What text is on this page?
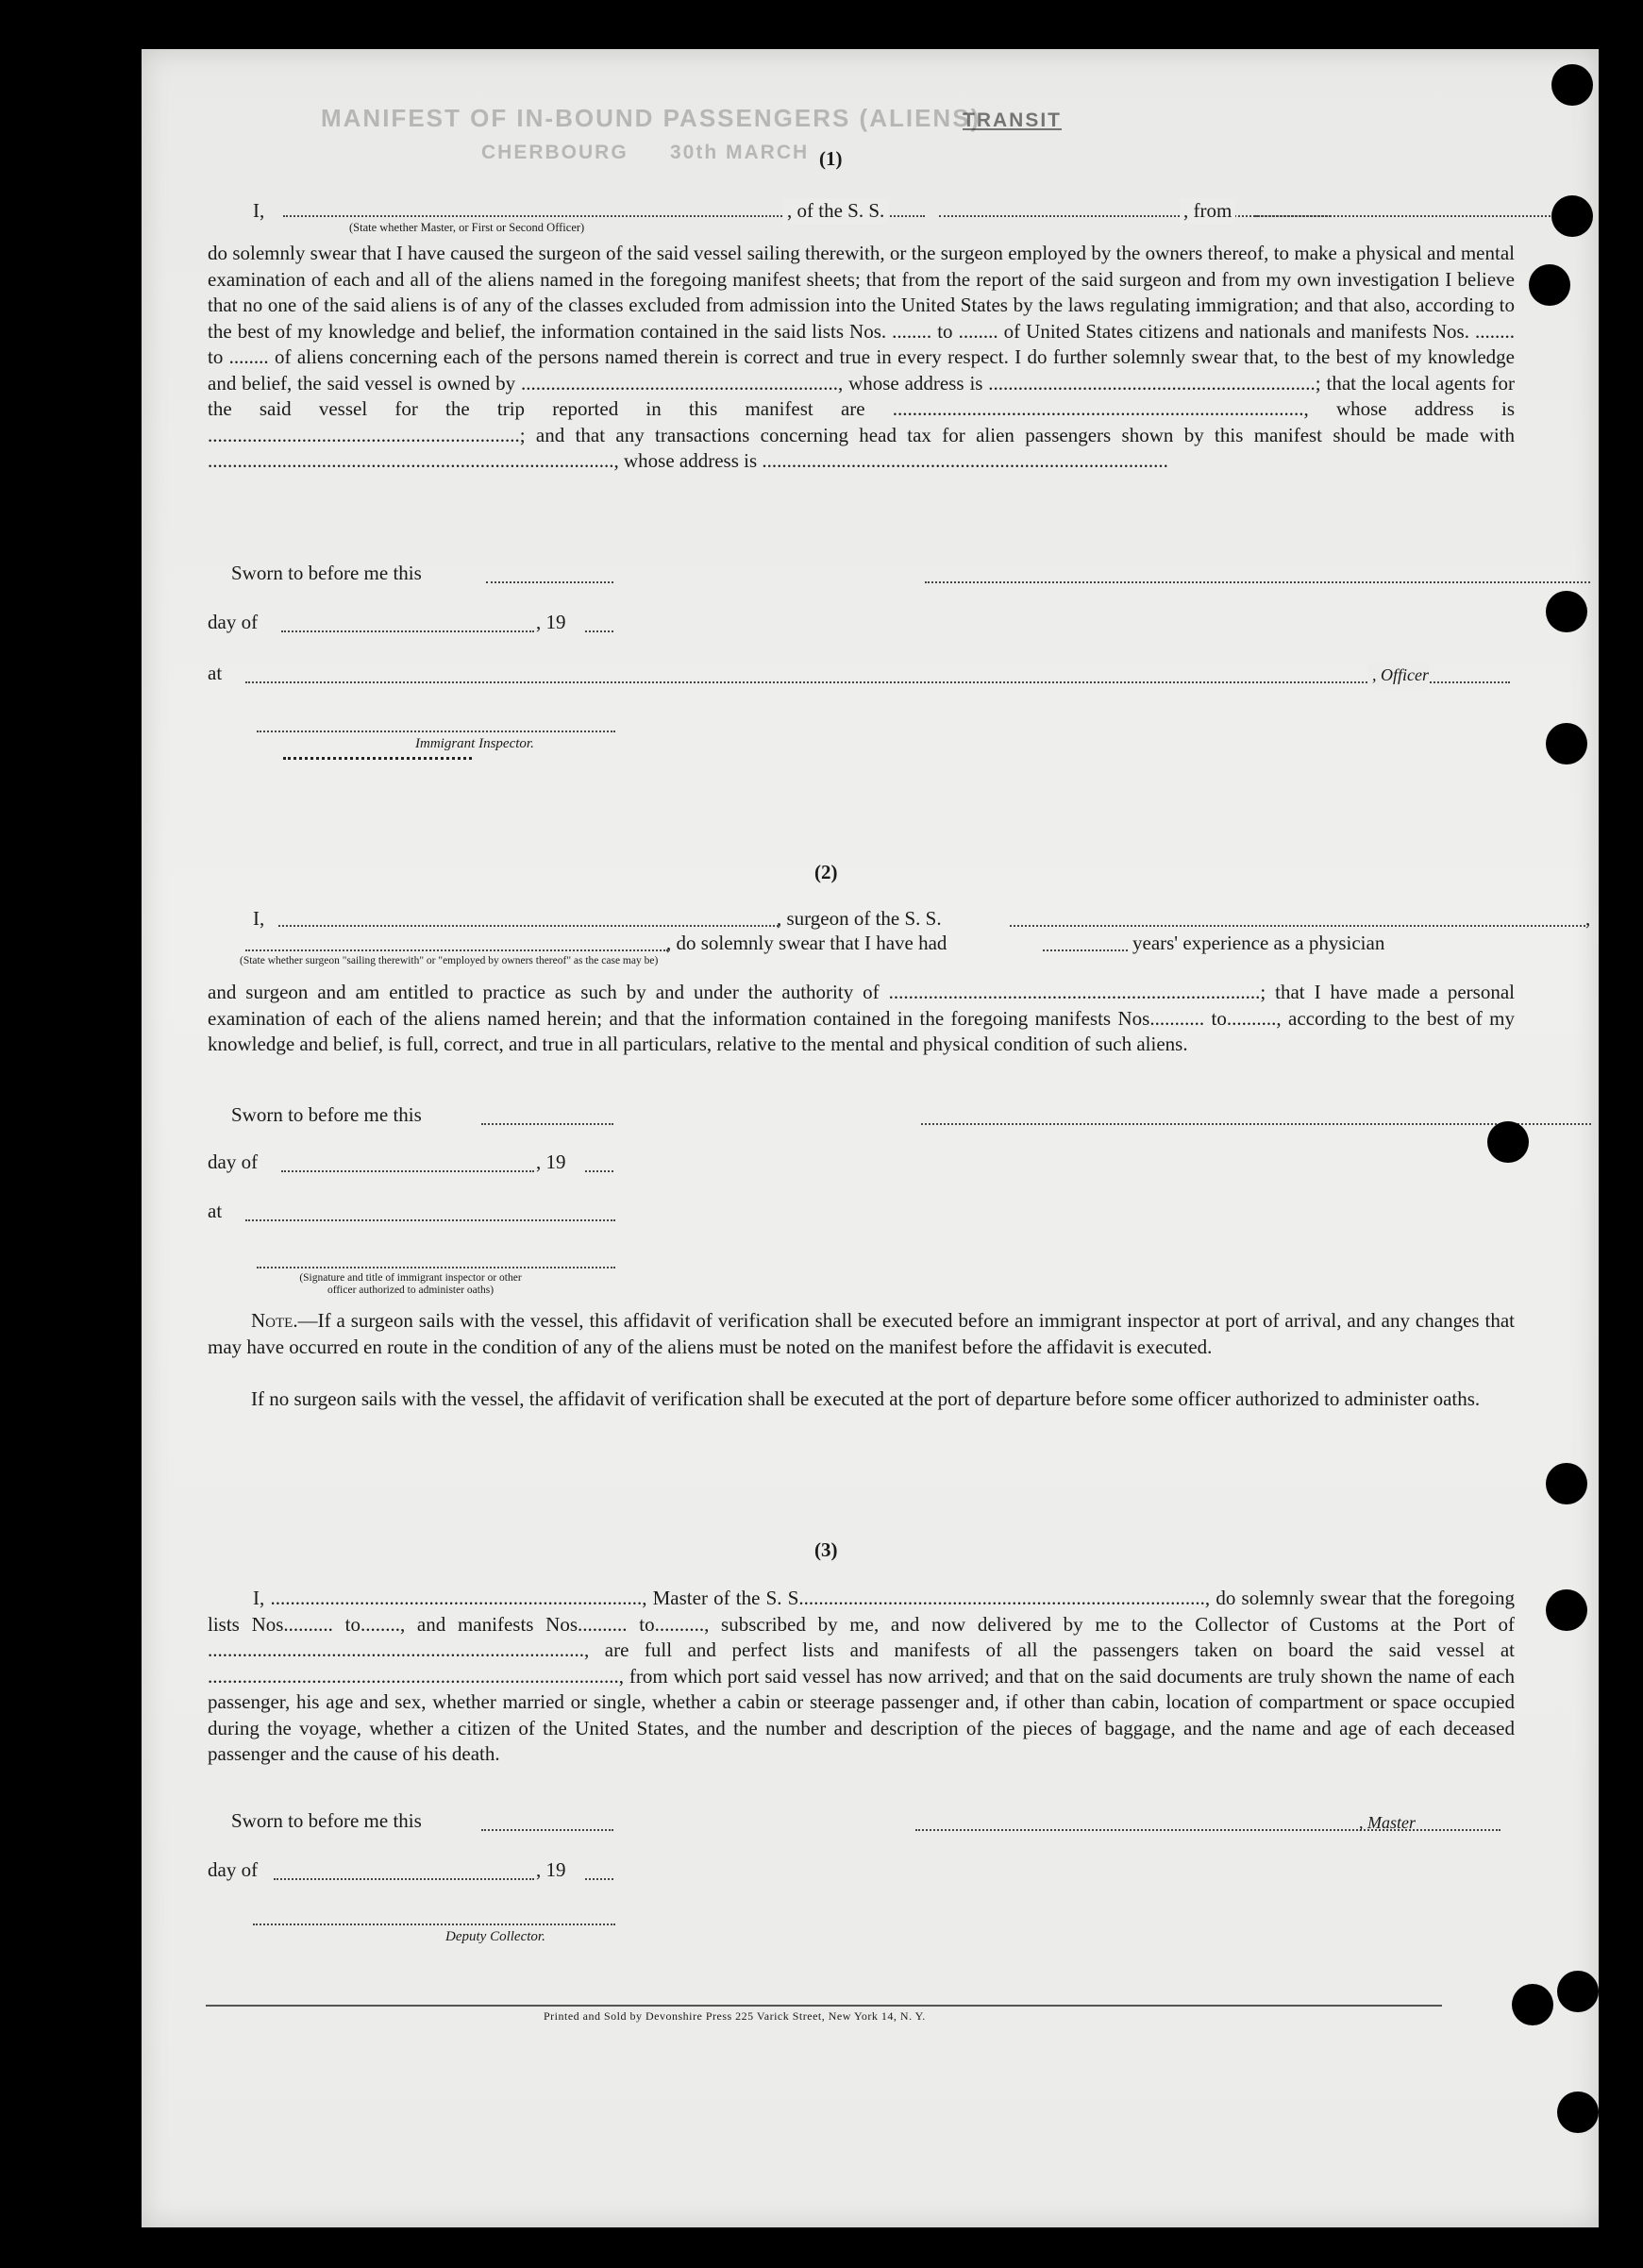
MANIFEST OF IN-BOUND PASSENGERS (ALIENS)
CHERBOURG 30th MARCH
TRANSIT
(1)
I,	, of the S. S.	, from
(State whether Master, or First or Second Officer)
do solemnly swear that I have caused the surgeon of the said vessel sailing therewith, or the surgeon employed by the owners thereof, to make a physical and mental examination of each and all of the aliens named in the foregoing manifest sheets; that from the report of the said surgeon and from my own investigation I believe that no one of the said aliens is of any of the classes excluded from admission into the United States by the laws regulating immigration; and that also, according to the best of my knowledge and belief, the information contained in the said lists Nos. ........ to ........ of United States citizens and nationals and manifests Nos. ........ to ........ of aliens concerning each of the persons named therein is correct and true in every respect. I do further solemnly swear that, to the best of my knowledge and belief, the said vessel is owned by ................................................................, whose address is ..................................................................; that the local agents for the said vessel for the trip reported in this manifest are ..................................................................................., whose address is ...............................................................; and that any transactions concerning head tax for alien passengers shown by this manifest should be made with .................................................................................., whose address is ..................................................................................
Sworn to before me this
day of	, 19
at	, Officer
Immigrant Inspector.
(2)
I,	, surgeon of the S. S.	,
, do solemnly swear that I have had	years' experience as a physician
(State whether surgeon "sailing therewith" or "employed by owners thereof" as the case may be)
and surgeon and am entitled to practice as such by and under the authority of ...........................................................................; that I have made a personal examination of each of the aliens named herein; and that the information contained in the foregoing manifests Nos........... to.........., according to the best of my knowledge and belief, is full, correct, and true in all particulars, relative to the mental and physical condition of such aliens.
Sworn to before me this
day of	, 19
at
(Signature and title of immigrant inspector or other officer authorized to administer oaths)
Note.—If a surgeon sails with the vessel, this affidavit of verification shall be executed before an immigrant inspector at port of arrival, and any changes that may have occurred en route in the condition of any of the aliens must be noted on the manifest before the affidavit is executed.
If no surgeon sails with the vessel, the affidavit of verification shall be executed at the port of departure before some officer authorized to administer oaths.
(3)
I, ..........................................................................., Master of the S. S.................................................................................., do solemnly swear that the foregoing lists Nos.......... to........, and manifests Nos.......... to.........., subscribed by me, and now delivered by me to the Collector of Customs at the Port of ............................................................................, are full and perfect lists and manifests of all the passengers taken on board the said vessel at ..................................................................................., from which port said vessel has now arrived; and that on the said documents are truly shown the name of each passenger, his age and sex, whether married or single, whether a cabin or steerage passenger and, if other than cabin, location of compartment or space occupied during the voyage, whether a citizen of the United States, and the number and description of the pieces of baggage, and the name and age of each deceased passenger and the cause of his death.
Sworn to before me this	, Master
day of	, 19
Deputy Collector.
Printed and Sold by Devonshire Press 225 Varick Street, New York 14, N. Y.
